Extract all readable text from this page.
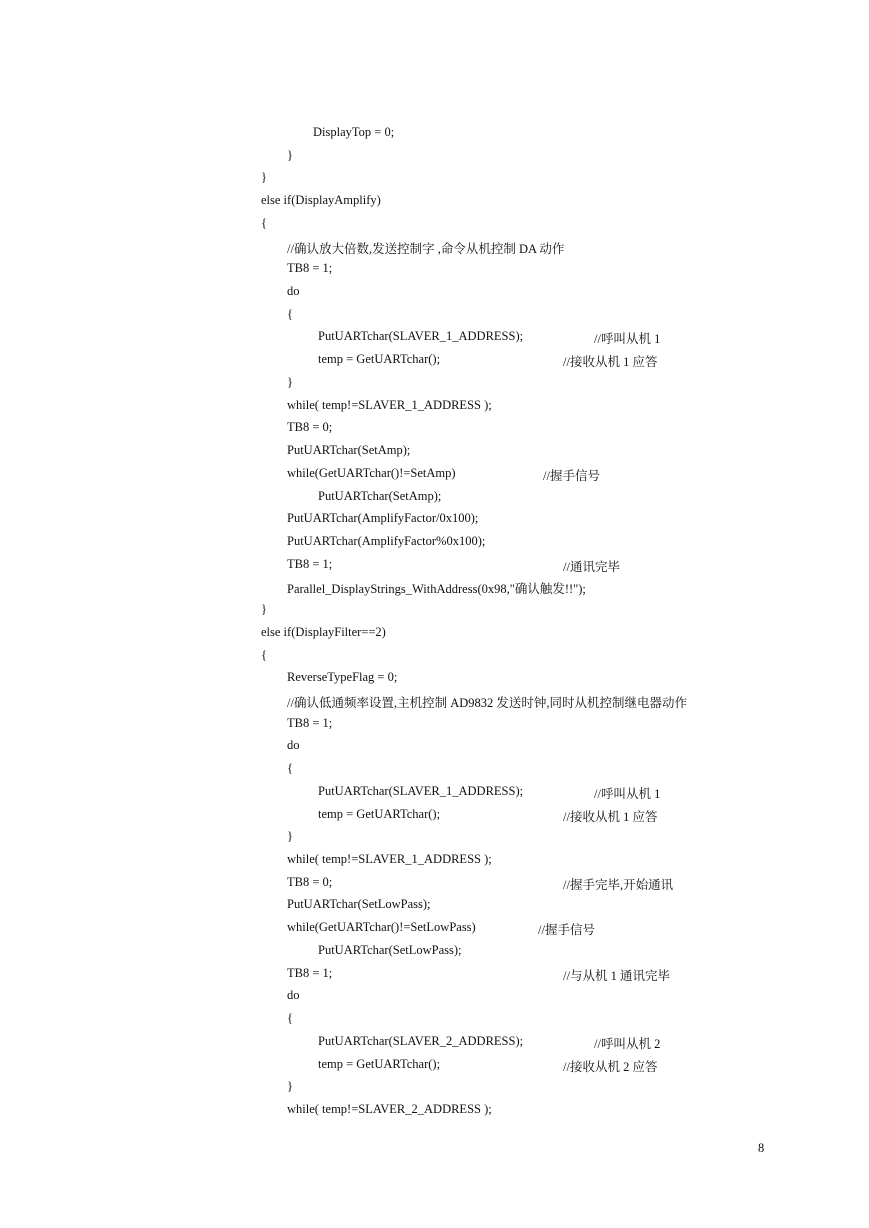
DisplayTop = 0;
}
}
else if(DisplayAmplify)
{
//确认放大倍数,发送控制字 ,命令从机控制 DA 动作
TB8 = 1;
do
{
PutUARTchar(SLAVER_1_ADDRESS);	//呼叫从机 1
temp = GetUARTchar();	//接收从机 1 应答
}
while( temp!=SLAVER_1_ADDRESS );
TB8 = 0;
PutUARTchar(SetAmp);
while(GetUARTchar()!=SetAmp)	//握手信号
PutUARTchar(SetAmp);
PutUARTchar(AmplifyFactor/0x100);
PutUARTchar(AmplifyFactor%0x100);
TB8 = 1;	//通讯完毕
Parallel_DisplayStrings_WithAddress(0x98,"确认触发!!");
}
else if(DisplayFilter==2)
{
ReverseTypeFlag = 0;
//确认低通频率设置,主机控制 AD9832 发送时钟,同时从机控制继电器动作
TB8 = 1;
do
{
PutUARTchar(SLAVER_1_ADDRESS);	//呼叫从机 1
temp = GetUARTchar();	//接收从机 1 应答
}
while( temp!=SLAVER_1_ADDRESS );
TB8 = 0;	//握手完毕,开始通讯
PutUARTchar(SetLowPass);
while(GetUARTchar()!=SetLowPass)	//握手信号
PutUARTchar(SetLowPass);
TB8 = 1;	//与从机 1 通讯完毕
do
{
PutUARTchar(SLAVER_2_ADDRESS);	//呼叫从机 2
temp = GetUARTchar();	//接收从机 2 应答
}
while( temp!=SLAVER_2_ADDRESS );
8
